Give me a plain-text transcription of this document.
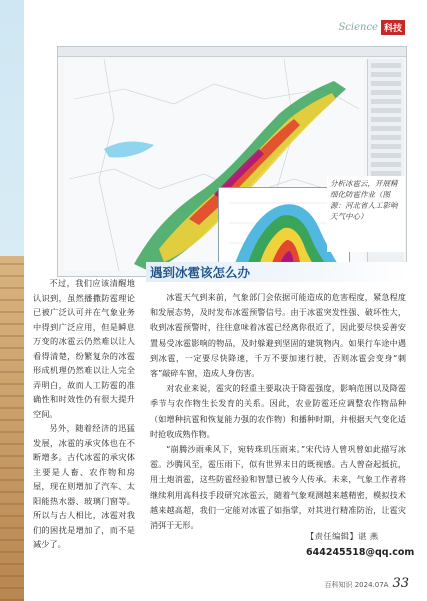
Science 科技
分析冰雹云，开展精细化防雹作业（图源：河北省人工影响天气中心）

不过，我们应该清醒地认识到，虽然播撒防雹理论已被广泛认可并在气象业务中得到广泛应用，但是瞬息万变的冰雹云仍然难以让人看得清楚，纷繁复杂的冰雹形成机理仍然难以让人完全弄明白，故而人工防雹的准确性和时效性仍有很大提升空间。

另外，随着经济的迅猛发展，冰雹的承灾体也在不断增多。古代冰雹的承灾体主要是人畜、农作物和房屋，现在则增加了汽车、太阳能热水器、玻璃门窗等。所以与古人相比，冰雹对我们的困扰是增加了，而不是减少了。

遇到冰雹该怎么办

冰雹天气到来前，气象部门会依据可能造成的危害程度，紧急程度和发展态势，及时发布冰雹预警信号。由于冰雹突发性强、破坏性大，收到冰雹预警时，往往意味着冰雹已经离你很近了，因此要尽快妥善安置易受冰雹影响的物品，及时躲避到坚固的建筑物内。如果行车途中遇到冰雹，一定要尽快降速，千万不要加速行驶，否则冰雹会变身“刺客”敲碎车窗，造成人身伤害。

对农业来说，雹灾的轻重主要取决于降雹强度，影响范围以及降雹季节与农作物生长发育的关系。因此，农业防雹还应调整农作物品种（如增种抗雹和恢复能力强的农作物）和播种时期，并根据天气变化适时抢收成熟作物。

“崩腾沙雨乘风下，宛转珠玑压雨来。”宋代诗人曾巩曾如此描写冰雹。沙腾风至，雹压雨下，似有世界末日的既视感。古人曾奋起抵抗，用土炮消雹，这些防雹经验和智慧已被今人传承。未来，气象工作者将继续利用高科技手段研究冰雹云，随着气象观测越来越精密，模拟技术越来越高超，我们一定能对冰雹了如指掌，对其进行精准防治，让雹灾消弭于无形。

【责任编辑】谌 燕
644245518@qq.com
百科知识 2024.07A 33
